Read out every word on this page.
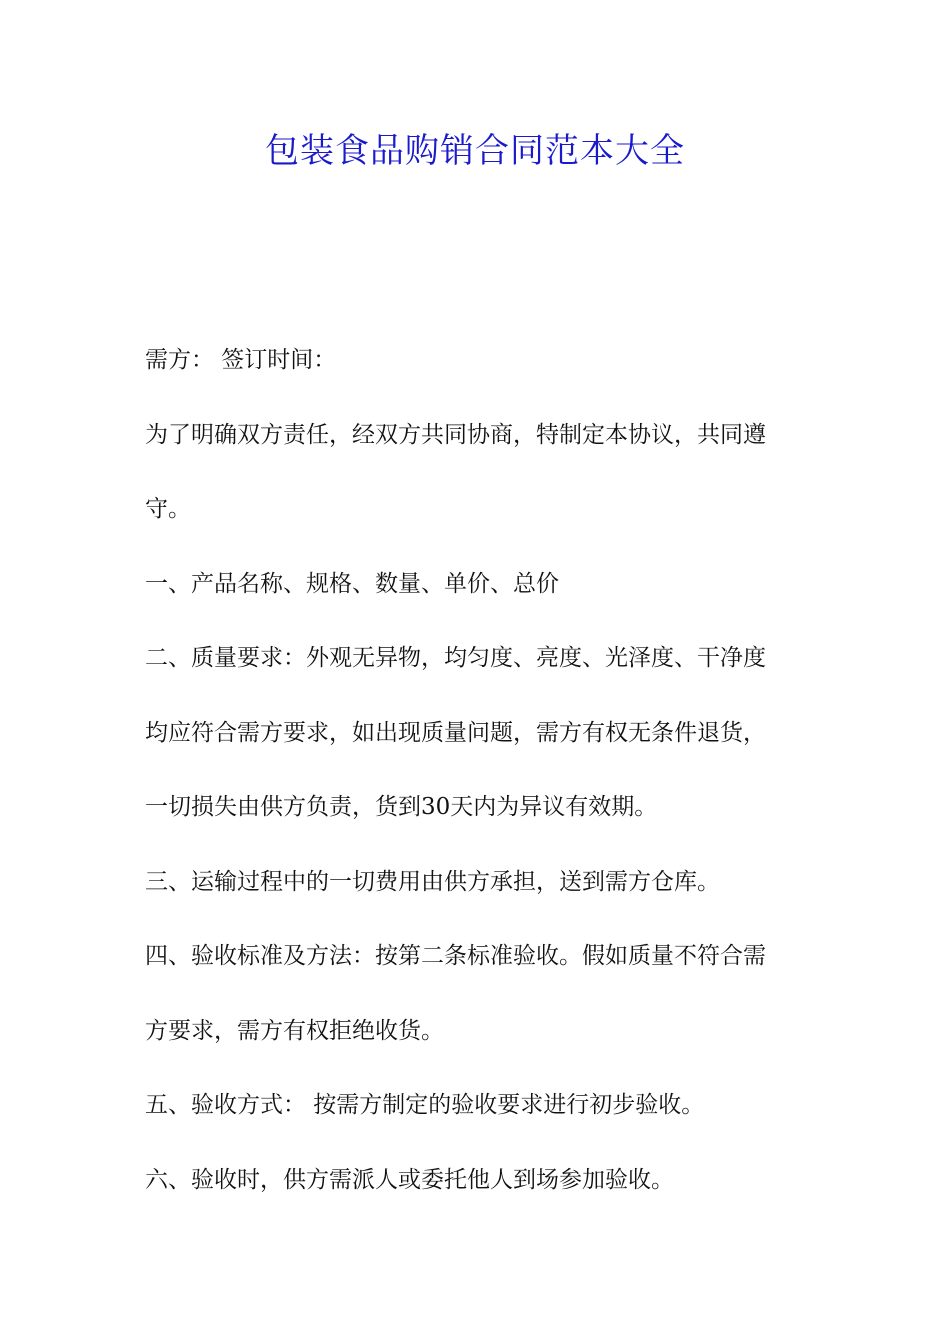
包装食品购销合同范本大全
需方： 签订时间：
为了明确双方责任，经双方共同协商，特制定本协议，共同遵
守。
一、产品名称、规格、数量、单价、总价
二、质量要求：外观无异物，均匀度、亮度、光泽度、干净度
均应符合需方要求，如出现质量问题，需方有权无条件退货，
一切损失由供方负责，货到30天内为异议有效期。
三、运输过程中的一切费用由供方承担，送到需方仓库。
四、验收标准及方法：按第二条标准验收。假如质量不符合需
方要求，需方有权拒绝收货。
五、验收方式： 按需方制定的验收要求进行初步验收。
六、验收时，供方需派人或委托他人到场参加验收。
